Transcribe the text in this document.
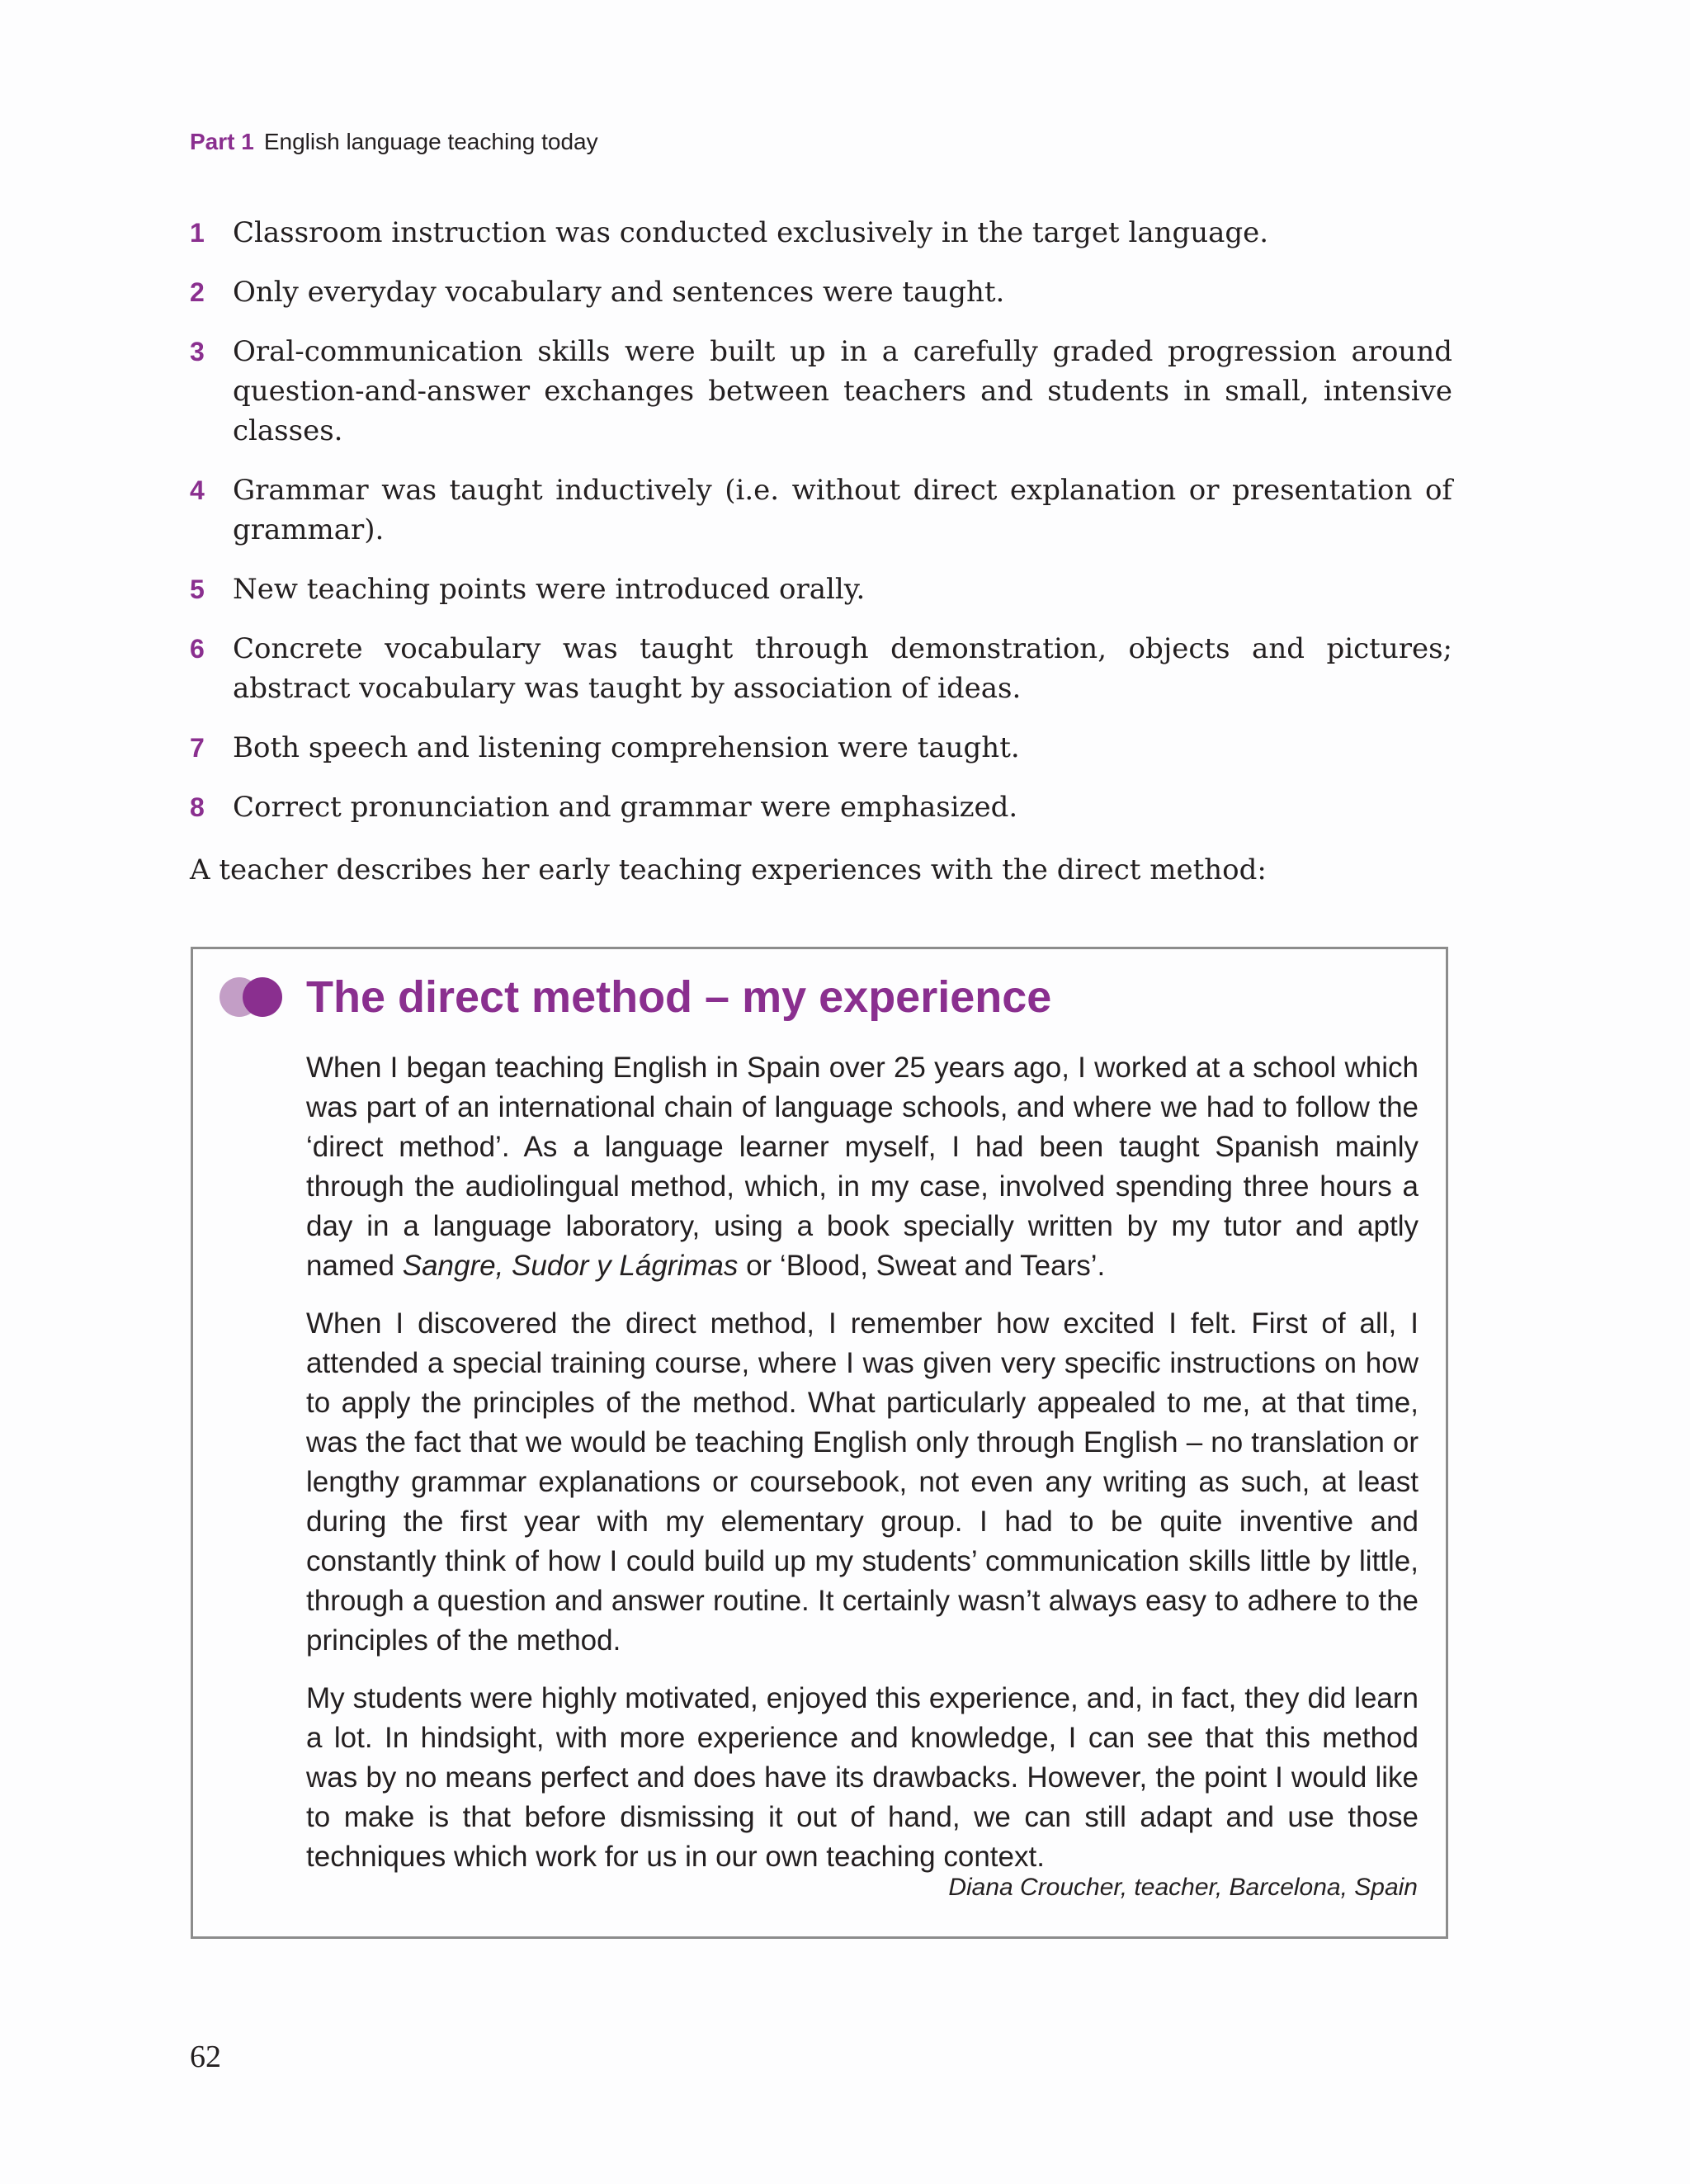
Part 1 English language teaching today
1 Classroom instruction was conducted exclusively in the target language.
2 Only everyday vocabulary and sentences were taught.
3 Oral-communication skills were built up in a carefully graded progression around question-and-answer exchanges between teachers and students in small, intensive classes.
4 Grammar was taught inductively (i.e. without direct explanation or presentation of grammar).
5 New teaching points were introduced orally.
6 Concrete vocabulary was taught through demonstration, objects and pictures; abstract vocabulary was taught by association of ideas.
7 Both speech and listening comprehension were taught.
8 Correct pronunciation and grammar were emphasized.

A teacher describes her early teaching experiences with the direct method:

The direct method – my experience

When I began teaching English in Spain over 25 years ago, I worked at a school which was part of an international chain of language schools, and where we had to follow the ‘direct method’. As a language learner myself, I had been taught Spanish mainly through the audiolingual method, which, in my case, involved spending three hours a day in a language laboratory, using a book specially written by my tutor and aptly named Sangre, Sudor y Lágrimas or ‘Blood, Sweat and Tears’.

When I discovered the direct method, I remember how excited I felt. First of all, I attended a special training course, where I was given very specific instructions on how to apply the principles of the method. What particularly appealed to me, at that time, was the fact that we would be teaching English only through English – no translation or lengthy grammar explanations or coursebook, not even any writing as such, at least during the first year with my elementary group. I had to be quite inventive and constantly think of how I could build up my students’ communication skills little by little, through a question and answer routine. It certainly wasn’t always easy to adhere to the principles of the method.

My students were highly motivated, enjoyed this experience, and, in fact, they did learn a lot. In hindsight, with more experience and knowledge, I can see that this method was by no means perfect and does have its drawbacks. However, the point I would like to make is that before dismissing it out of hand, we can still adapt and use those techniques which work for us in our own teaching context.

Diana Croucher, teacher, Barcelona, Spain
62
